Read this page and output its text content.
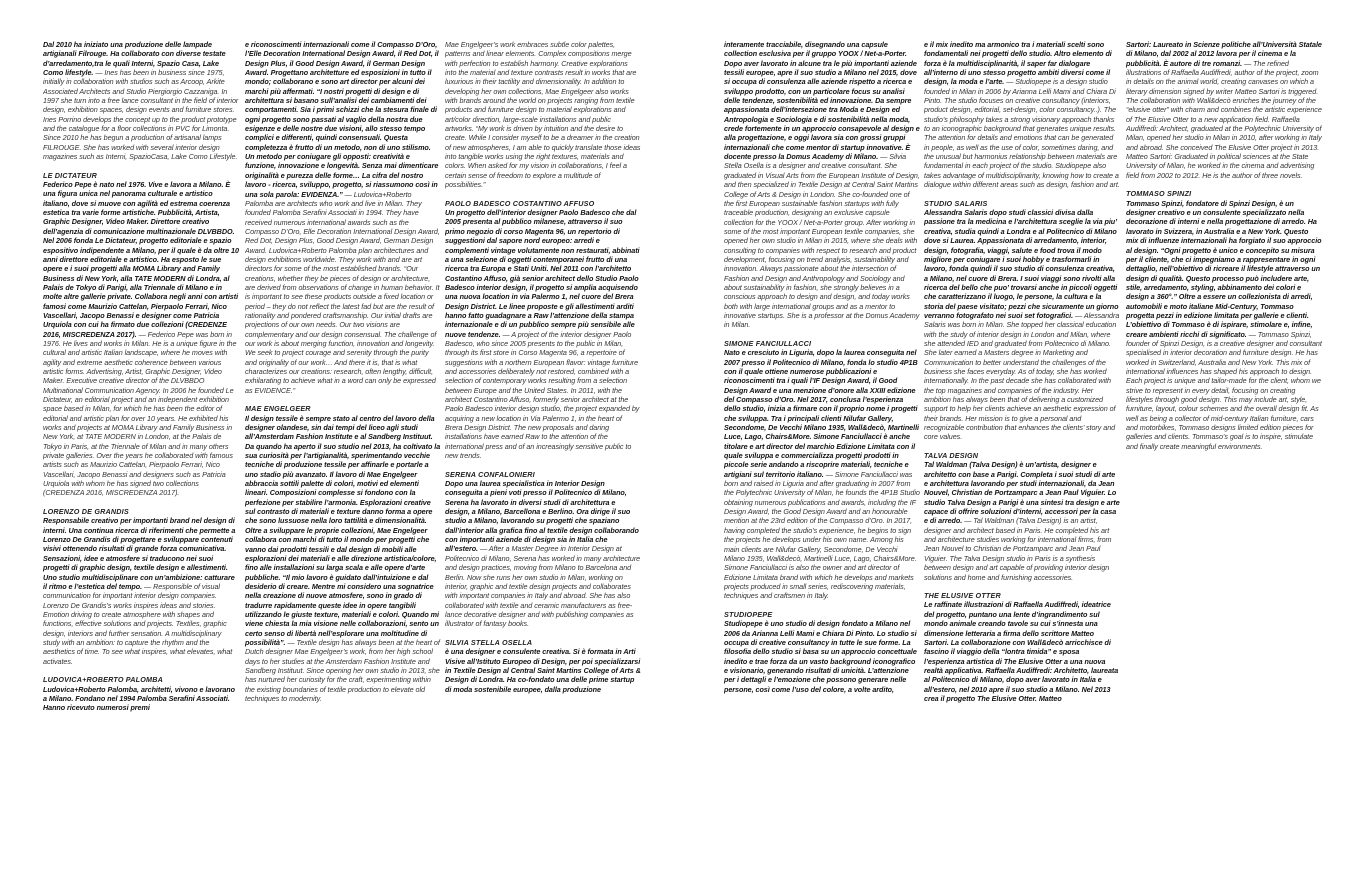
Dal 2010 ha iniziato una produzione delle lampade artigianali Filrouge. Ha collaborato con diverse testate d’arredamento,tra le quali Interni, Spazio Casa, Lake Como lifestyle. — Ines has been in business since 1975, initially in collaboration with studios such as Arcoop, Arkite Associated Architects and Studio Piergiorgio Cazzaniga. In 1997 she turn into a free lance consultant in the field of interior design, exhibition spaces, design events and furniture stores. Ines Porrino develops the concept up to the product prototype and the catalogue for a floor collections in PVC for Limonta. Since 2010 he has begun a production of artisanal lamps FILROUGE. She has worked with several interior design magazines such as Interni, SpazioCasa, Lake Como Lifestyle.

LE DICTATEUR

Federico Pepe è nato nel 1976. Vive e lavora a Milano. È una figura unica nel panorama culturale e artistico italiano, dove si muove con agilità ed estrema coerenza estetica tra varie forme artistiche. Pubblicità, Artista, Graphic Designer, Video Maker. Direttore creativo dell’agenzia di comunicazione multinazionale DLVBBDO. Nel 2006 fonda Le Dictateur, progetto editoriale e spazio espositivo indipendente a Milano, per il quale è da oltre 10 anni direttore editoriale e artistico. Ha esposto le sue opere e i suoi progetti alla MOMA Library and Family Business di New York, alla TATE MODERN di Londra, al Palais de Tokyo di Parigi, alla Triennale di Milano e in molte altre gallerie private. Collabora negli anni con artisti famosi come Maurizio Cattelan, Pierpaolo Ferrari, Nico Vascellari, Jacopo Benassi e designer come Patricia Urquiola con cui ha firmato due collezioni (CREDENZE 2016, MISCREDENZA 2017). — Federico Pepe was born in 1976. He lives and works in Milan. He is a unique figure in the cultural and artistic Italian landscape, where he moves with agility and extreme aesthetic coherence between various artistic forms. Advertising, Artist, Graphic Designer, Video Maker. Executive creative director of the DLVBBDO Multinational Communication Agency. In 2006 he founded Le Dictateur, an editorial project and an independent exhibition space based in Milan, for which he has been the editor of editorial and artistic plan for over 10 years. He exhibited his works and projects at MOMA Library and Family Business in New York, at TATE MODERN in London, at the Palais de Tokyo in Paris, at the Triennale of Milan and in many others private galleries. Over the years he collaborated with famous artists such as Maurizio Cattelan, Pierpaolo Ferrari, Nico Vascellari, Jacopo Benassi and designers such as Patricia Urquiola with whom he has signed two collections (CREDENZA 2016, MISCREDENZA 2017).

LORENZO DE GRANDIS

Responsabile creativo per importanti brand nel design di interni. Una continua ricerca di riferimenti che permette a Lorenzo De Grandis di progettare e sviluppare contenuti visivi ottenendo risultati di grande forza comunicativa. Sensazioni, idee e atmosfere si traducono nei suoi progetti di graphic design, textile design e allestimenti. Uno studio multidisciplinare con un’ambizione: catturare il ritmo e l’estetica del tempo. — Responsible of visual communication for important interior design companies. Lorenzo De Grandis’s works inspires ideas and stories. Emotion driving to create atmosphere with shapes and functions, effective solutions and projects. Textiles, graphic design, interiors and further sensation. A multidisciplinary study with an ambition: to capture the rhythm and the aesthetics of time. To see what inspires, what elevates, what activates.

LUDOVICA+ROBERTO PALOMBA

Ludovica+Roberto Palomba, architetti, vivono e lavorano a Milano. Fondano nel 1994 Palomba Serafini Associati. Hanno ricevuto numerosi premi

e riconoscimenti internazionali come il Compasso D’Oro, l’Elle Decoration International Design Award, il Red Dot, il Design Plus, il Good Design Award, il German Design Award. Progettano architetture ed esposizioni in tutto il mondo; collaborano e sono art director per alcuni dei marchi più affermati. “I nostri progetti di design e di architettura si basano sull’analisi dei cambiamenti dei comportamenti. Sia i primi schizzi che la stesura finale di ogni progetto sono passati al vaglio della nostra due esigenze e delle nostre due visioni, allo stesso tempo complici e differenti, quindi consensuali. Questa completezza è frutto di un metodo, non di uno stilismo. Un metodo per coniugare gli opposti: creatività e funzione, innovazione e longevità. Senza mai dimenticare originalità e purezza delle forme… La cifra del nostro lavoro - ricerca, sviluppo, progetto, si riassumono così in una sola parola: EVIDENZA.” — Ludovica+Roberto Palomba are architects who work and live in Milan. They founded Palomba Serafini Associati in 1994. They have received numerous international awards such as the Compasso D’Oro, Elle Decoration International Design Award, Red Dot, Design Plus, Good Design Award, German Design Award. Ludovica+Roberto Palomba plan architectures and design exhibitions worldwide. They work with and are art directors for some of the most established brands. “Our creations, whether they be pieces of design or architecture, are derived from observations of change in human behavior. It is important to see these products outside a fixed location or period – they do not reflect the latest fad but are the result of rationality and pondered craftsmanship. Our initial drafts are projections of our own needs. Our two visions are complementary and our design consensual. The challenge of our work is about merging function, innovation and longevity. We seek to project courage and serenity through the purity and originality of our work… And there it is, that is what characterizes our creations: research, often lengthy, difficult, exhilarating to achieve what in a word can only be expressed as EVIDENCE.”

MAE ENGELGEER

Il design tessile è sempre stato al centro del lavoro della designer olandese, sin dai tempi del liceo agli studi all’Amsterdam Fashion Institute e al Sandberg Instituut. Da quando ha aperto il suo studio nel 2013, ha coltivato la sua curiosità per l’artigianalità, sperimentando vecchie tecniche di produzione tessile per affinarle e portarle a uno stadio più avanzato. Il lavoro di Mae Engelgeer abbraccia sottili palette di colori, motivi ed elementi lineari. Composizioni complesse si fondono con la perfezione per stabilire l’armonia. Esplorazioni creative sul contrasto di materiali e texture danno forma a opere che sono lussuose nella loro tattilità e dimensionalità. Oltre a sviluppare le proprie collezioni, Mae Engelgeer collabora con marchi di tutto il mondo per progetti che vanno dai prodotti tessili e dal design di mobili alle esplorazioni dei materiali e alle direzione artistica/colore, fino alle installazioni su larga scala e alle opere d’arte pubbliche. “Il mio lavoro è guidato dall’intuizione e dal desiderio di creare. Mentre mi considero una sognatrice nella creazione di nuove atmosfere, sono in grado di tradurre rapidamente queste idee in opere tangibili utilizzando le giuste texture, materiali e colori. Quando mi viene chiesta la mia visione nelle collaborazioni, sento un certo senso di libertà nell’esplorare una moltitudine di possibilità”. — Textile design has always been at the heart of Dutch designer Mae Engelgeer’s work, from her high school days to her studies at the Amsterdam Fashion Institute and Sandberg Instituut. Since opening her own studio in 2013, she has nurtured her curiosity for the craft, experimenting within the existing boundaries of textile production to elevate old techniques to modernity.

Mae Engelgeer’s work embraces subtle color palettes, patterns and linear elements. Complex compositions merge with perfection to establish harmony. Creative explorations into the material and texture contrasts result in works that are luxurious in their tactility and dimensionality. In addition to developing her own collections, Mae Engelgeer also works with brands around the world on projects ranging from textile products and furniture design to material explorations and art/color direction, large-scale installations and public artworks. “My work is driven by intuition and the desire to create. While I consider myself to be a dreamer in the creation of new atmospheres, I am able to quickly translate those ideas into tangible works using the right textures, materials and colors. When asked for my vision in collaborations, I feel a certain sense of freedom to explore a multitude of possibilities.”

PAOLO BADESCO COSTANTINO AFFUSO

Un progetto dell’interior designer Paolo Badesco che dal 2005 presenta al pubblico milanese, attraverso il suo primo negozio di corso Magenta 96, un repertorio di suggestioni dal sapore nord europeo: arredi e complementi vintage volutamente non restaurati, abbinati a una selezione di oggetti contemporanei frutto di una ricerca tra Europa e Stati Uniti. Nel 2011 con l’architetto Costantino Affuso, già senior architect dello Studio Paolo Badesco interior design, il progetto si amplia acquisendo una nuova location in via Palermo 1, nel cuore del Brera Design District. Le linee proposte e gli allestimenti arditi hanno fatto guadagnare a Raw l’attenzione della stampa internazionale e di un pubblico sempre più sensibile alle nuove tendenze. — A project of the interior designer Paolo Badesco, who since 2005 presents to the public in Milan, through its first store in Corso Magenta 96, a repertoire of suggestions with a northern European flavor: vintage furniture and accessories deliberately not restored, combined with a selection of contemporary works resulting from a selection between Europe and the United States. In 2011, with the architect Costantino Affuso, formerly senior architect at the Paolo Badesco interior design studio, the project expanded by acquiring a new location in Via Palermo 1, in the heart of Brera Design District. The new proposals and daring installations have earned Raw to the attention of the international press and of an increasingly sensitive public to new trends.

SERENA CONFALONIERI

Dopo una laurea specialistica in Interior Design conseguita a pieni voti presso il Politecnico di Milano, Serena ha lavorato in diversi studi di architettura e design, a Milano, Barcellona e Berlino. Ora dirige il suo studio a Milano, lavorando su progetti che spaziano dall’interior alla grafica fino al textile design collaborando con importanti aziende di design sia in Italia che all’estero. — After a Master Degree in Interior Design at Politecnico di Milano, Serena has worked in many architecture and design practices, moving from Milano to Barcelona and Berlin. Now she runs her own studio in Milan, working on interior, graphic and textile design projects and collaborates with important companies in Italy and abroad. She has also collaborated with textile and ceramic manufacturers as free-lance decorative designer and with publishing companies as illustrator of fantasy books.

SILVIA STELLA OSELLA

è una designer e consulente creativa. Si è formata in Arti Visive all’Istituto Europeo di Design, per poi specializzarsi in Textile Design al Central Saint Martins College of Arts & Design di Londra. Ha co-fondato una delle prime startup di moda sostenibile europee, dalla produzione

interamente tracciabile, disegnando una capsule collection esclusiva per il gruppo YOOX / Net-a-Porter. Dopo aver lavorato in alcune tra le più importanti aziende tessili europee, apre il suo studio a Milano nel 2015, dove si occupa di consulenza alle aziende rispetto a ricerca e sviluppo prodotto, con un particolare focus su analisi delle tendenze, sostenibilità ed innovazione. Da sempre appassionata dell’intersezione tra Moda e Design ed Antropologia e Sociologia e di sostenibilità nella moda, crede fortemente in un approccio consapevole al design e alla progettazione, e oggi lavora sia con grossi gruppi internazionali che come mentor di startup innovative. È docente presso la Domus Academy di Milano. — Silvia Stella Osella is a designer and creative consultant. She graduated in Visual Arts from the European Institute of Design, and then specialized in Textile Design at Central Saint Martins College of Arts & Design in London. She co-founded one of the first European sustainable fashion startups with fully traceable production, designing an exclusive capsule collection for the YOOX / Net-a-Porter group. After working in some of the most important European textile companies, she opened her own studio in Milan in 2015, where she deals with consulting to companies with respect to research and product development, focusing on trend analysis, sustainability and innovation. Always passionate about the intersection of Fashion and Design and Anthropology and Sociology and about sustainability in fashion, she strongly believes in a conscious approach to design and design, and today works both with large international groups and as a mentor to innovative startups. She is a professor at the Domus Academy in Milan.

SIMONE FANCIULLACCI

Nato e cresciuto in Liguria, dopo la laurea conseguita nel 2007 presso il Politecnico di Milano, fonda lo studio 4P1B con il quale ottiene numerose pubblicazioni e riconoscimenti tra i quali l’IF Design Award, il Good Design Award e una menzione d’onore alla XXIII edizione del Compasso d’Oro. Nel 2017, conclusa l’esperienza dello studio, inizia a firmare con il proprio nome i progetti che sviluppa. Tra i principali clienti Nilufar Gallery, Secondome, De Vecchi Milano 1935, Wall&decò, Martinelli Luce, Lago, Chairs&More. Simone Fanciullacci è anche titolare e art director del marchio Edizione Limitata con il quale sviluppa e commercializza progetti prodotti in piccole serie andando a riscoprire materiali, tecniche e artigiani sul territorio italiano. — Simone Fanciullacci was born and raised in Liguria and after graduating in 2007 from the Polytechnic University of Milan, he founds the 4P1B Studio obtaining numerous publications and awards, including the IF Design Award, the Good Design Award and an honourable mention at the 23rd edition of the Compasso d’Oro. In 2017, having completed the studio’s experience, he begins to sign the projects he develops under his own name. Among his main clients are Nilufar Gallery, Secondome, De Vecchi Milano 1935, Wall&decò, Martinelli Luce, Lago, Chairs&More. Simone Fanciullacci is also the owner and art director of Edizione Limitata brand with which he develops and markets projects produced in small series, rediscovering materials, techniques and craftsmen in Italy.

STUDIOPEPE

Studiopepe è uno studio di design fondato a Milano nel 2006 da Arianna Lelli Mami e Chiara Di Pinto. Lo studio si occupa di creative consultancy in tutte le sue forme. La filosofia dello studio si basa su un approccio concettuale inedito e trae forza da un vasto background iconografico e visionario, generando risultati di unicità. L’attenzione per i dettagli e l’emozione che possono generare nelle persone, così come l’uso del colore, a volte ardito,

e il mix inedito ma armonico tra i materiali scelti sono fondamentali nei progetti dello studio. Altro elemento di forza è la multidisciplinarità, il saper far dialogare all’interno di uno stesso progetto ambiti diversi come il design, la moda e l’arte. — Studiopepe is a design studio founded in Milan in 2006 by Arianna Lelli Mami and Chiara Di Pinto. The studio focuses on creative consultancy (interiors, product design, editorial, set-design, color consultancy..). The studio’s philosophy takes a strong visionary approach thanks to an iconographic background that generates unique results. The attention for details and emotions that can be generated in people, as well as the use of color, sometimes daring, and the unusual but harmonius relationship between materials are fundamental in each project of the studio. Studiopepe also takes advantage of multidisciplinarity, knowing how to create a dialogue within different areas such as design, fashion and art.

STUDIO SALARIS

Alessandra Salaris dopo studi classici divisa dalla passione tra la medicina e l’architettura sceglie la via piu’ creativa, studia quindi a Londra e al Politecnico di Milano dove si Laurea. Appassionata di arredamento, interior, design, fotografia, viaggi, salute e food trova il modo migliore per coniugare i suoi hobby e trasformarli in lavoro, fonda quindi il suo studio di consulenza creativa, a Milano, nel cuore di Brera. I suoi viaggi sono rivolti alla ricerca del bello che puo’ trovarsi anche in piccoli oggetti che caratterizzano il luogo, le persone, la cultura e la storia del paese visitato; pezzi che sicuramente un giorno verranno fotografato nei suoi set fotografici. — Alessandra Salaris was born in Milan. She topped her classical education with the study of interior design in London and Milan, where she attended IED and graduated from Politecnico di Milano. She later earned a Masters degree in Marketing and Communication to better understand the challenges of the business she faces everyday. As of today, she has worked internationally. In the past decade she has collaborated with the top magazines and companies of the industry. Her ambition has always been that of delivering a customized support to help her clients achieve an aesthetic expression of their brands. Her mission is to give a personal and recognizable contribution that enhances the clients’ story and core values.

TALVA DESIGN

Tal Waldman (Talva Design) è un’artista, designer e architetto con base a Parigi. Completa i suoi studi di arte e architettura lavorando per studi internazionali, da Jean Nouvel, Christian de Portzamparc a Jean Paul Viguier. Lo studio Talva Design a Parigi è una sintesi tra design e arte capace di offrire soluzioni d’interni, accessori per la casa e di arredo. — Tal Waldman (Talva Design) is an artist, designer and architect based in Paris. He completed his art and architecture studies working for international firms, from Jean Nouvel to Christian de Portzamparc and Jean Paul Viguier. The Talva Design studio in Paris is a synthesis between design and art capable of providing interior design solutions and home and furnishing accessories.

THE ELUSIVE OTTER

Le raffinate illustrazioni di Raffaella Audiffredi, ideatrice del progetto, puntano una lente d’ingrandimento sul mondo animale creando tavole su cui s’innesta una dimensione letteraria a firma dello scrittore Matteo Sartori. La collaborazione con Wall&decò arricchisce di fascino il viaggio della “lontra timida” e sposa l’esperienza artistica di The Elusive Otter a una nuova realtà applicativa. Raffaella Audiffredi: Architetto, laureata al Politecnico di Milano, dopo aver lavorato in Italia e all’estero, nel 2010 apre il suo studio a Milano. Nel 2013 crea il progetto The Elusive Otter. Matteo

Sartori: Laureato in Scienze politiche all’Università Statale di Milano, dal 2002 al 2012 lavora per il cinema e la pubblicità. È autore di tre romanzi. — The refined illustrations of Raffaella Audiffredi, author of the project, zoom in details on the animal world, creating canvases on which a literary dimension signed by writer Matteo Sartori is triggered. The collaboration with Wall&decò enriches the journey of the “elusive otter” with charm and combines the artistic experience of The Elusive Otter to a new application field. Raffaella Audiffredi: Architect, graduated at the Polytechnic University of Milan, opened her studio in Milan in 2010, after working in Italy and abroad. She conceived The Elusive Otter project in 2013. Matteo Sartori: Graduated in political sciences at the State University of Milan, he worked in the cinema and advertising field from 2002 to 2012. He is the author of three novels.

TOMMASO SPINZI

Tommaso Spinzi, fondatore di Spinzi Design, è un designer creativo e un consulente specializzato nella decorazione di interni e nella progettazione di arredo. Ha lavorato in Svizzera, in Australia e a New York. Questo mix di influenze internazionali ha forgiato il suo approccio al design. “Ogni progetto è unico e concepito su misura per il cliente, che ci impegniamo a rappresentare in ogni dettaglio, nell’obiettivo di ricreare il lifestyle attraverso un design di qualità. Questo processo può includere arte, stile, arredamento, styling, abbinamento dei colori e design a 360°.” Oltre a essere un collezionista di arredi, automobili e moto italiane Mid-Century, Tommaso progetta pezzi in edizione limitata per gallerie e clienti. L’obiettivo di Tommaso è di ispirare, stimolare e, infine, creare ambienti ricchi di significato. — Tommaso Spinzi, founder of Spinzi Design, is a creative designer and consultant specialised in interior decoration and furniture design. He has worked in Switzerland, Australia and New York. This mix of international influences has shaped his approach to design. Each project is unique and tailor-made for the client, whom we strive to represent in every detail, focusing on creating lifestyles through good design. This may include art, style, furniture, layout, colour schemes and the overall design fit. As well as being a collector of mid-century Italian furniture, cars and motorbikes, Tommaso designs limited edition pieces for galleries and clients. Tommaso’s goal is to inspire, stimulate and finally create meaningful environments.
